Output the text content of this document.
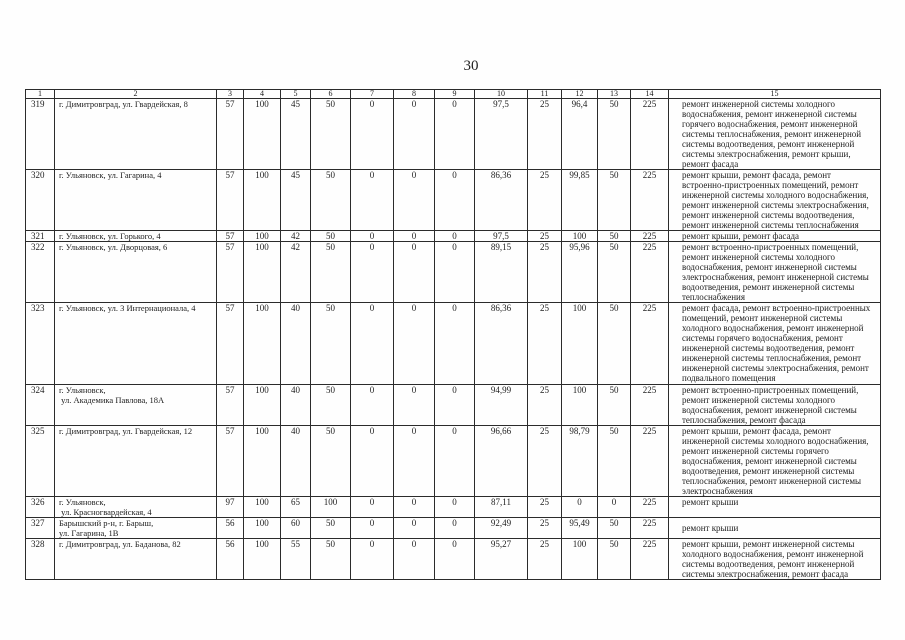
30
1	2	3	4	5	6	7	8	9	10	11	12	13	14	15
319	г. Димитровград, ул. Гвардейская, 8	57	100	45	50	0	0	0	97,5	25	96,4	50	225	ремонт инженерной системы холодного водоснабжения, ремонт инженерной системы горячего водоснабжения, ремонт инженерной системы теплоснабжения, ремонт инженерной системы водоотведения, ремонт инженерной системы электроснабжения, ремонт крыши, ремонт фасада
320	г. Ульяновск, ул. Гагарина, 4	57	100	45	50	0	0	0	86,36	25	99,85	50	225	ремонт крыши, ремонт фасада, ремонт встроенно-пристроенных помещений, ремонт инженерной системы холодного водоснабжения, ремонт инженерной системы электроснабжения, ремонт инженерной системы водоотведения, ремонт инженерной системы теплоснабжения
321	г. Ульяновск, ул. Горького, 4	57	100	42	50	0	0	0	97,5	25	100	50	225	ремонт крыши, ремонт фасада
322	г. Ульяновск, ул. Дворцовая, 6	57	100	42	50	0	0	0	89,15	25	95,96	50	225	ремонт встроенно-пристроенных помещений, ремонт инженерной системы холодного водоснабжения, ремонт инженерной системы электроснабжения, ремонт инженерной системы водоотведения, ремонт инженерной системы теплоснабжения
323	г. Ульяновск, ул. 3 Интернационала, 4	57	100	40	50	0	0	0	86,36	25	100	50	225	ремонт фасада, ремонт встроенно-пристроенных помещений, ремонт инженерной системы холодного водоснабжения, ремонт инженерной системы горячего водоснабжения, ремонт инженерной системы водоотведения, ремонт инженерной системы теплоснабжения, ремонт инженерной системы электроснабжения, ремонт подвального помещения
324	г. Ульяновск,
ул. Академика Павлова, 18А	57	100	40	50	0	0	0	94,99	25	100	50	225	ремонт встроенно-пристроенных помещений, ремонт инженерной системы холодного водоснабжения, ремонт инженерной системы теплоснабжения, ремонт фасада
325	г. Димитровград, ул. Гвардейская, 12	57	100	40	50	0	0	0	96,66	25	98,79	50	225	ремонт крыши, ремонт фасада, ремонт инженерной системы холодного водоснабжения, ремонт инженерной системы горячего водоснабжения, ремонт инженерной системы водоотведения, ремонт инженерной системы теплоснабжения, ремонт инженерной системы электроснабжения
326	г. Ульяновск,
ул. Красногвардейская, 4	97	100	65	100	0	0	0	87,11	25	0	0	225	ремонт крыши
327	Барышский р-н, г. Барыш,
ул. Гагарина, 1В	56	100	60	50	0	0	0	92,49	25	95,49	50	225	ремонт крыши
328	г. Димитровград, ул. Баданова, 82	56	100	55	50	0	0	0	95,27	25	100	50	225	ремонт крыши, ремонт инженерной системы холодного водоснабжения, ремонт инженерной системы водоотведения, ремонт инженерной системы электроснабжения, ремонт фасада
